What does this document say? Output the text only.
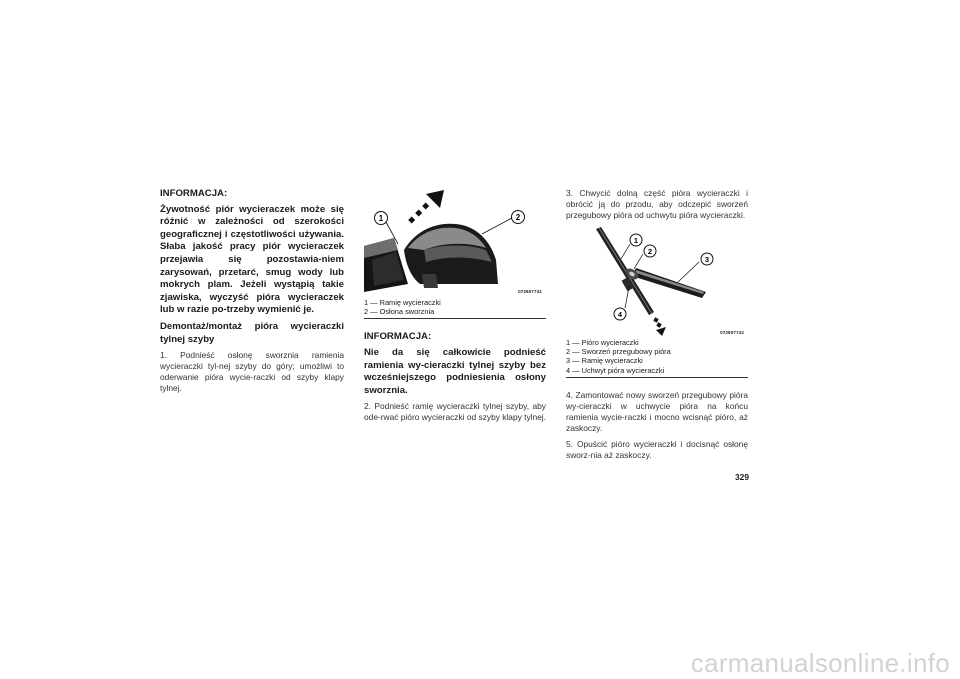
INFORMACJA:
Żywotność piór wycieraczek może się różnić w zależności od szerokości geograficznej i częstotliwości używania. Słaba jakość pracy piór wycieraczek przejawia się pozostawia-niem zarysowań, przetarć, smug wody lub mokrych plam. Jeżeli wystąpią takie zjawiska, wyczyść pióra wycieraczek lub w razie po-trzeby wymienić je.
Demontaż/montaż pióra wycieraczki tylnej szyby
1. Podnieść osłonę sworznia ramienia wycieraczki tyl-nej szyby do góry; umożliwi to oderwanie pióra wycie-raczki od szyby klapy tylnej.
1	2
072607741
1 — Ramię wycieraczki
2 — Osłona sworznia
INFORMACJA:
Nie da się całkowicie podnieść ramienia wy-cieraczki tylnej szyby bez wcześniejszego podniesienia osłony sworznia.
2. Podnieść ramię wycieraczki tylnej szyby, aby ode-rwać pióro wycieraczki od szyby klapy tylnej.
3. Chwycić dolną część pióra wycieraczki i obrócić ją do przodu, aby odczepić sworzeń przegubowy pióra od uchwytu pióra wycieraczki.
1
2
3
4
072607742
1 — Pióro wycieraczki
2 — Sworzeń przegubowy pióra
3 — Ramię wycieraczki
4 — Uchwyt pióra wycieraczki
4. Zamontować nowy sworzeń przegubowy pióra wy-cieraczki w uchwycie pióra na końcu ramienia wycie-raczki i mocno wcisnąć pióro, aż zaskoczy.
5. Opuścić pióro wycieraczki i docisnąć osłonę sworz-nia aż zaskoczy.
329
carmanualsonline.info
